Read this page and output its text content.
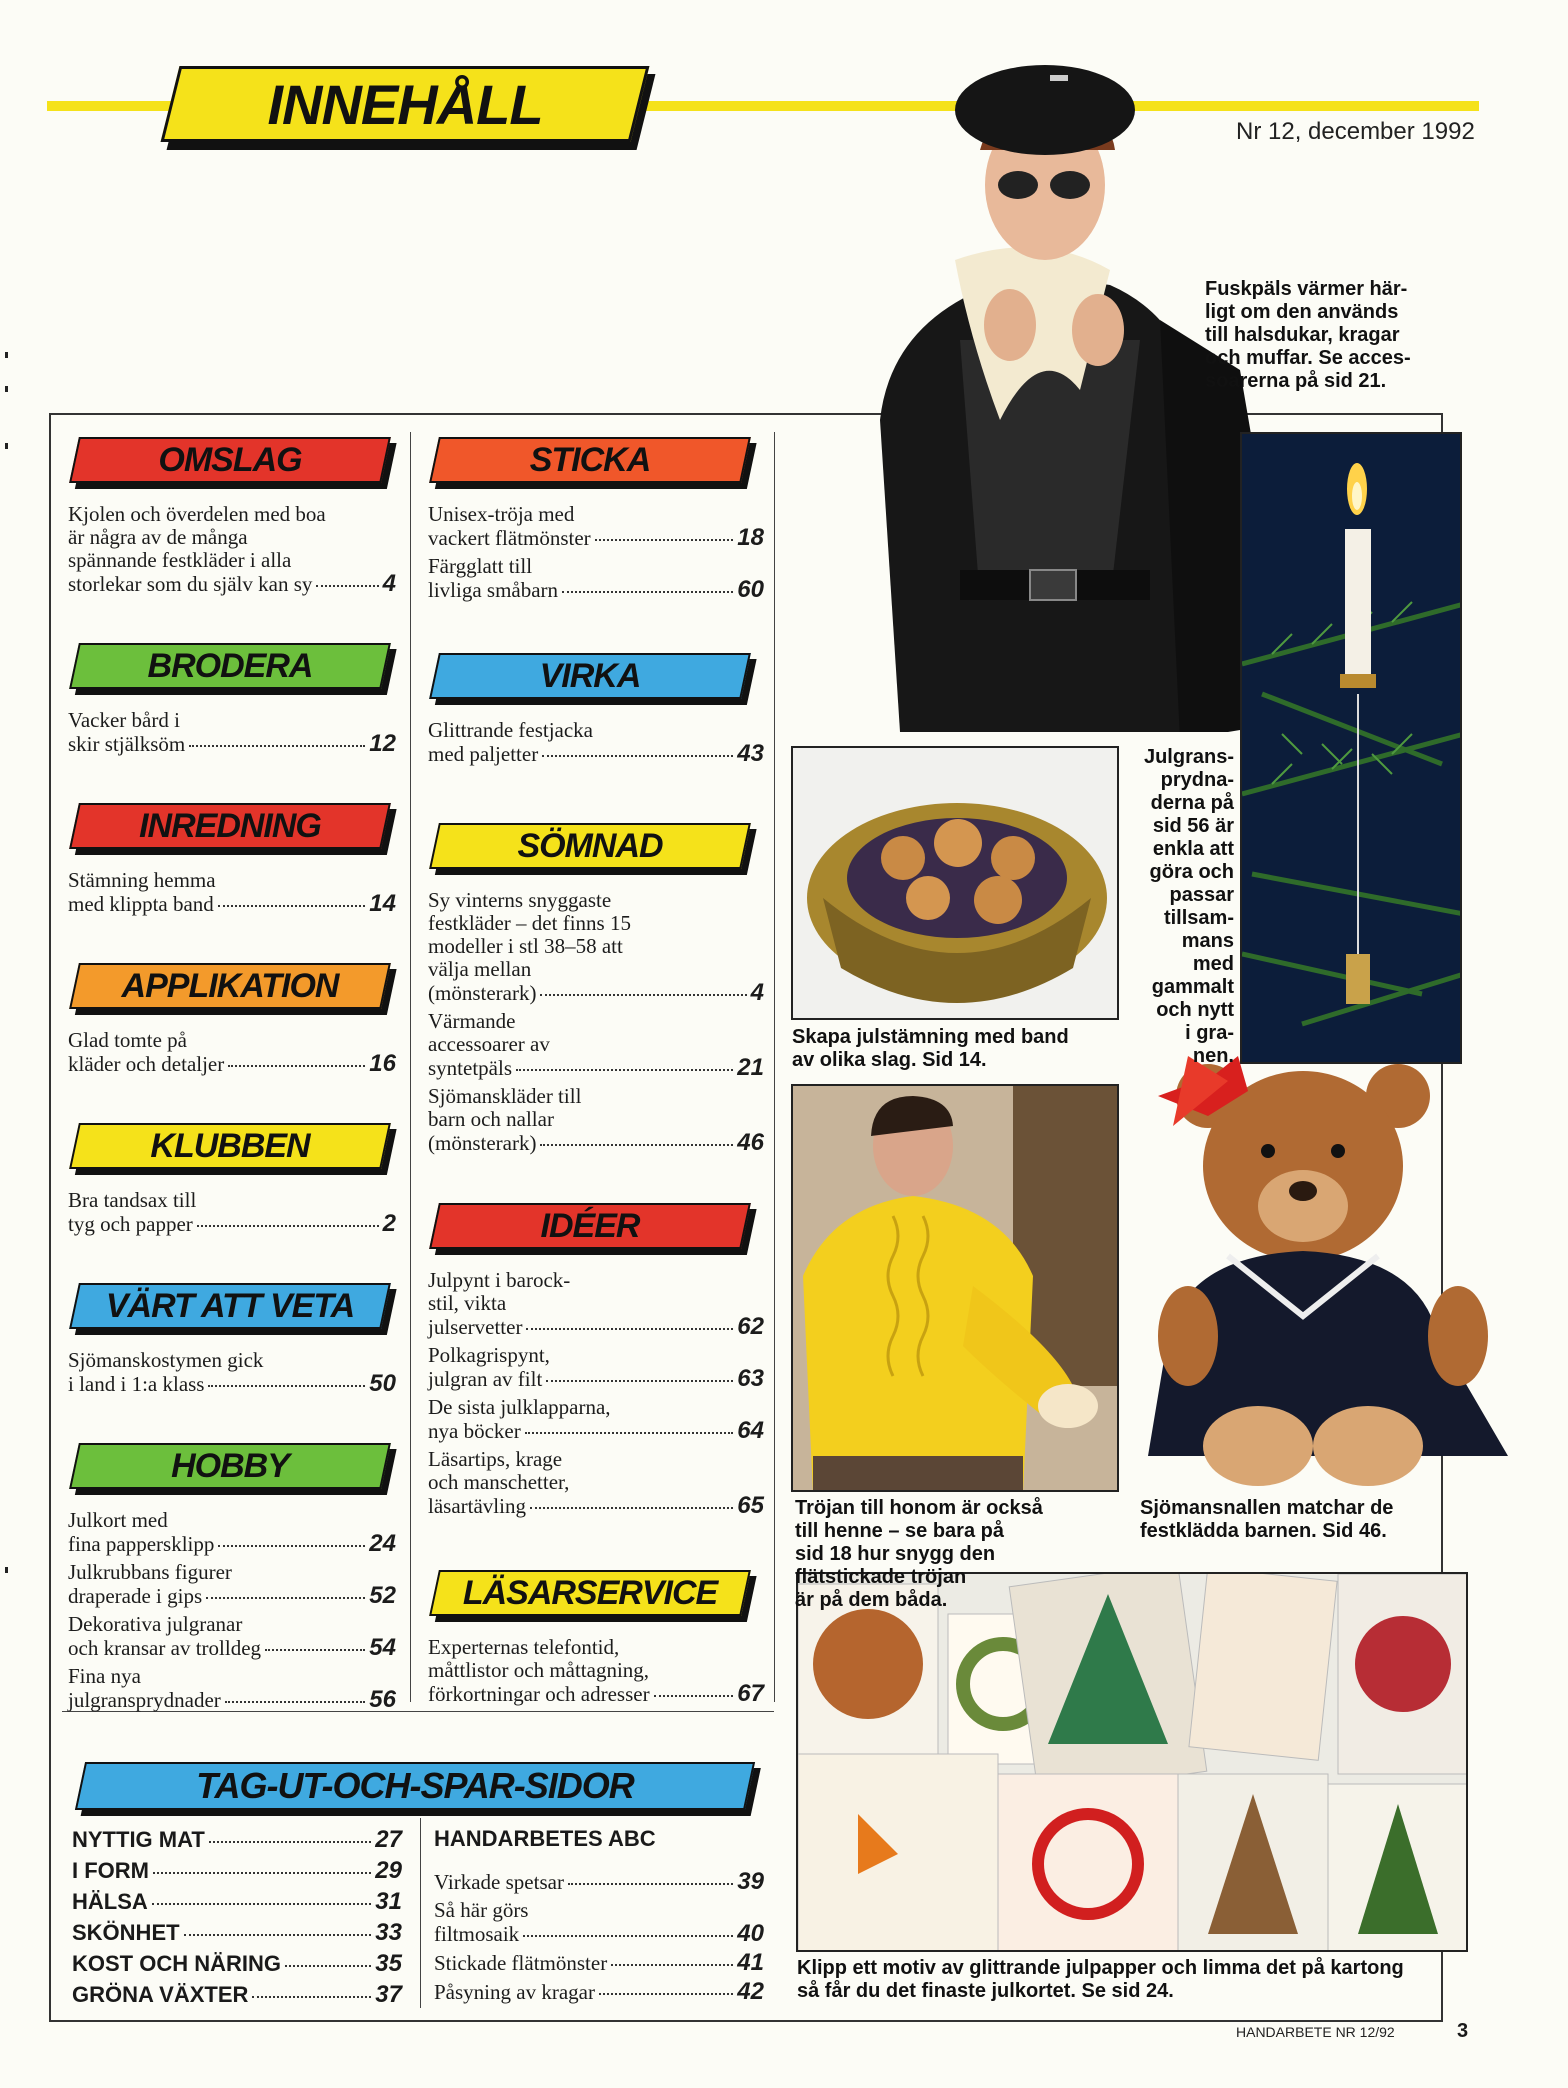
INNEHÅLL	Nr 12, december 1992
TAG-UT-OCH-SPAR-SIDOR
HANDARBETES ABC
Fuskpäls värmer här-
ligt om den används
till halsdukar, kragar
och muffar. Se acces-
soarerna på sid 21.
Julgrans-
prydna-
derna på
sid 56 är
enkla att
göra och
passar
tillsam-
mans
med
gammalt
och nytt
i gra-
nen.
Skapa julstämning med band
av olika slag. Sid 14.
Tröjan till honom är också
till henne – se bara på
sid 18 hur snygg den
flätstickade tröjan
är på dem båda.
Sjömansnallen matchar de
festklädda barnen. Sid 46.
Klipp ett motiv av glittrande julpapper och limma det på kartong
så får du det finaste julkortet. Se sid 24.
HANDARBETE NR 12/92	3
OMSLAG
Kjolen och överdelen med boa
är några av de många
spännande festkläder i alla
storlekar som du själv kan sy	4
BRODERA
Vacker bård i
skir stjälksöm	12
INREDNING
Stämning hemma
med klippta band	14
APPLIKATION
Glad tomte på
kläder och detaljer	16
KLUBBEN
Bra tandsax till
tyg och papper	2
VÄRT ATT VETA
Sjömanskostymen gick
i land i 1:a klass	50
HOBBY
Julkort med
fina pappersklipp	24
Julkrubbans figurer
draperade i gips	52
Dekorativa julgranar
och kransar av trolldeg	54
Fina nya
julgransprydnader	56
STICKA
Unisex-tröja med
vackert flätmönster	18
Färgglatt till
livliga småbarn	60
VIRKA
Glittrande festjacka
med paljetter	43
SÖMNAD
Sy vinterns snyggaste
festkläder – det finns 15
modeller i stl 38–58 att
välja mellan
(mönsterark)	4
Värmande
accessoarer av
syntetpäls	21
Sjömanskläder till
barn och nallar
(mönsterark)	46
IDÉER
Julpynt i barock-
stil, vikta
julservetter	62
Polkagrispynt,
julgran av filt	63
De sista julklapparna,
nya böcker	64
Läsartips, krage
och manschetter,
läsartävling	65
LÄSARSERVICE
Experternas telefontid,
måttlistor och måttagning,
förkortningar och adresser	67
NYTTIG MAT	27
I FORM	29
HÄLSA	31
SKÖNHET	33
KOST OCH NÄRING	35
GRÖNA VÄXTER	37
Virkade spetsar	39
Så här görs
filtmosaik	40
Stickade flätmönster	41
Påsyning av kragar	42
